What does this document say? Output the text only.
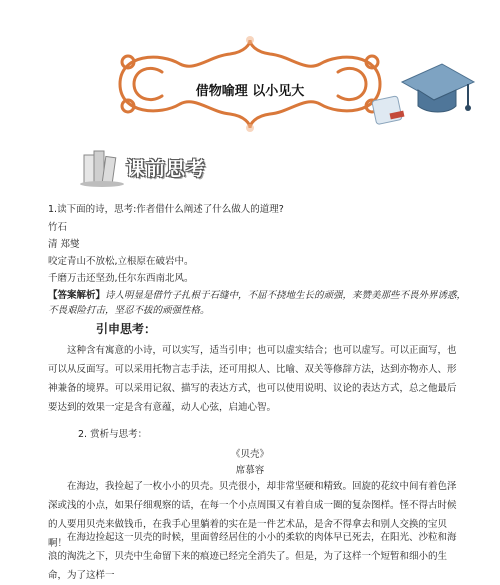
借物喻理 以小见大
课前思考
1.读下面的诗，思考:作者借什么阐述了什么做人的道理?
竹石
清 郑燮
咬定青山不放松,立根原在破岩中。
千磨万击还坚劲,任尔东西南北风。
【答案解析】诗人明显是借竹子扎根于石缝中，不屈不挠地生长的顽强，来赞美那些不畏外界诱惑，
不畏艰险打击，坚忍不拔的顽强性格。
引申思考：
这种含有寓意的小诗，可以实写，适当引申；也可以虚实结合；也可以虚写。可以正面写，也可以从反面写。可以采用托物言志手法，还可用拟人、比喻、双关等修辞方法，达到亦物亦人、形神兼备的境界。可以采用记叙、描写的表达方式，也可以使用说明、议论的表达方式，总之他最后要达到的效果一定是含有意蕴，动人心弦，启迪心智。
2. 赏析与思考：
《贝壳》
席慕容
在海边，我捡起了一枚小小的贝壳。贝壳很小，却非常坚硬和精致。回旋的花纹中间有着色泽深或浅的小点，如果仔细观察的话，在每一个小点周围又有着自成一圈的复杂图样。怪不得古时候的人要用贝壳来做钱币，在我手心里躺着的实在是一件艺术品，是舍不得拿去和别人交换的宝贝啊！
在海边捡起这一贝壳的时候，里面曾经居住的小小的柔软的肉体早已死去，在阳光、沙粒和海浪的淘洗之下，贝壳中生命留下来的痕迹已经完全消失了。但是，为了这样一个短暂和细小的生命，为了这样一
